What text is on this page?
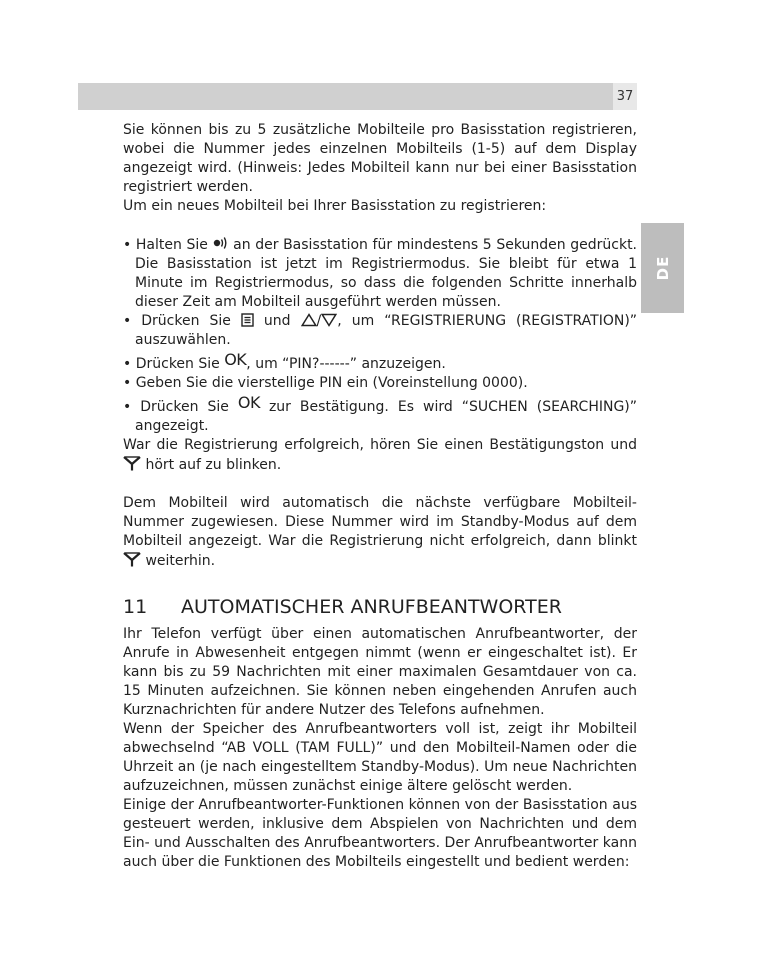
37
DE

Sie können bis zu 5 zusätzliche Mobilteile pro Basisstation registrieren, wobei die Nummer jedes einzelnen Mobilteils (1-5) auf dem Display angezeigt wird. (Hinweis: Jedes Mobilteil kann nur bei einer Basisstation registriert werden.

Um ein neues Mobilteil bei Ihrer Basisstation zu registrieren:

• Halten Sie an der Basisstation für mindestens 5 Sekunden gedrückt. Die Basisstation ist jetzt im Registriermodus. Sie bleibt für etwa 1 Minute im Registriermodus, so dass die folgenden Schritte innerhalb dieser Zeit am Mobilteil ausgeführt werden müssen.

• Drücken Sie und / , um “REGISTRIERUNG (REGISTRATION)” auszuwählen.

• Drücken Sie OK, um “PIN?------” anzuzeigen.

• Geben Sie die vierstellige PIN ein (Voreinstellung 0000).

• Drücken Sie OK zur Bestätigung. Es wird “SUCHEN (SEARCHING)” angezeigt.

War die Registrierung erfolgreich, hören Sie einen Bestätigungston und  hört auf zu blinken.

Dem Mobilteil wird automatisch die nächste verfügbare Mobilteil-Nummer zugewiesen. Diese Nummer wird im Standby-Modus auf dem Mobilteil angezeigt. War die Registrierung nicht erfolgreich, dann blinkt  weiterhin.

11 AUTOMATISCHER ANRUFBEANTWORTER

Ihr Telefon verfügt über einen automatischen Anrufbeantworter, der Anrufe in Abwesenheit entgegen nimmt (wenn er eingeschaltet ist). Er kann bis zu 59 Nachrichten mit einer maximalen Gesamtdauer von ca. 15 Minuten aufzeichnen. Sie können neben eingehenden Anrufen auch Kurznachrichten für andere Nutzer des Telefons aufnehmen.

Wenn der Speicher des Anrufbeantworters voll ist, zeigt ihr Mobilteil abwechselnd “AB VOLL (TAM FULL)” und den Mobilteil-Namen oder die Uhrzeit an (je nach eingestelltem Standby-Modus). Um neue Nachrichten aufzuzeichnen, müssen zunächst einige ältere gelöscht werden.

Einige der Anrufbeantworter-Funktionen können von der Basisstation aus gesteuert werden, inklusive dem Abspielen von Nachrichten und dem Ein- und Ausschalten des Anrufbeantworters. Der Anrufbeantworter kann auch über die Funktionen des Mobilteils eingestellt und bedient werden:
